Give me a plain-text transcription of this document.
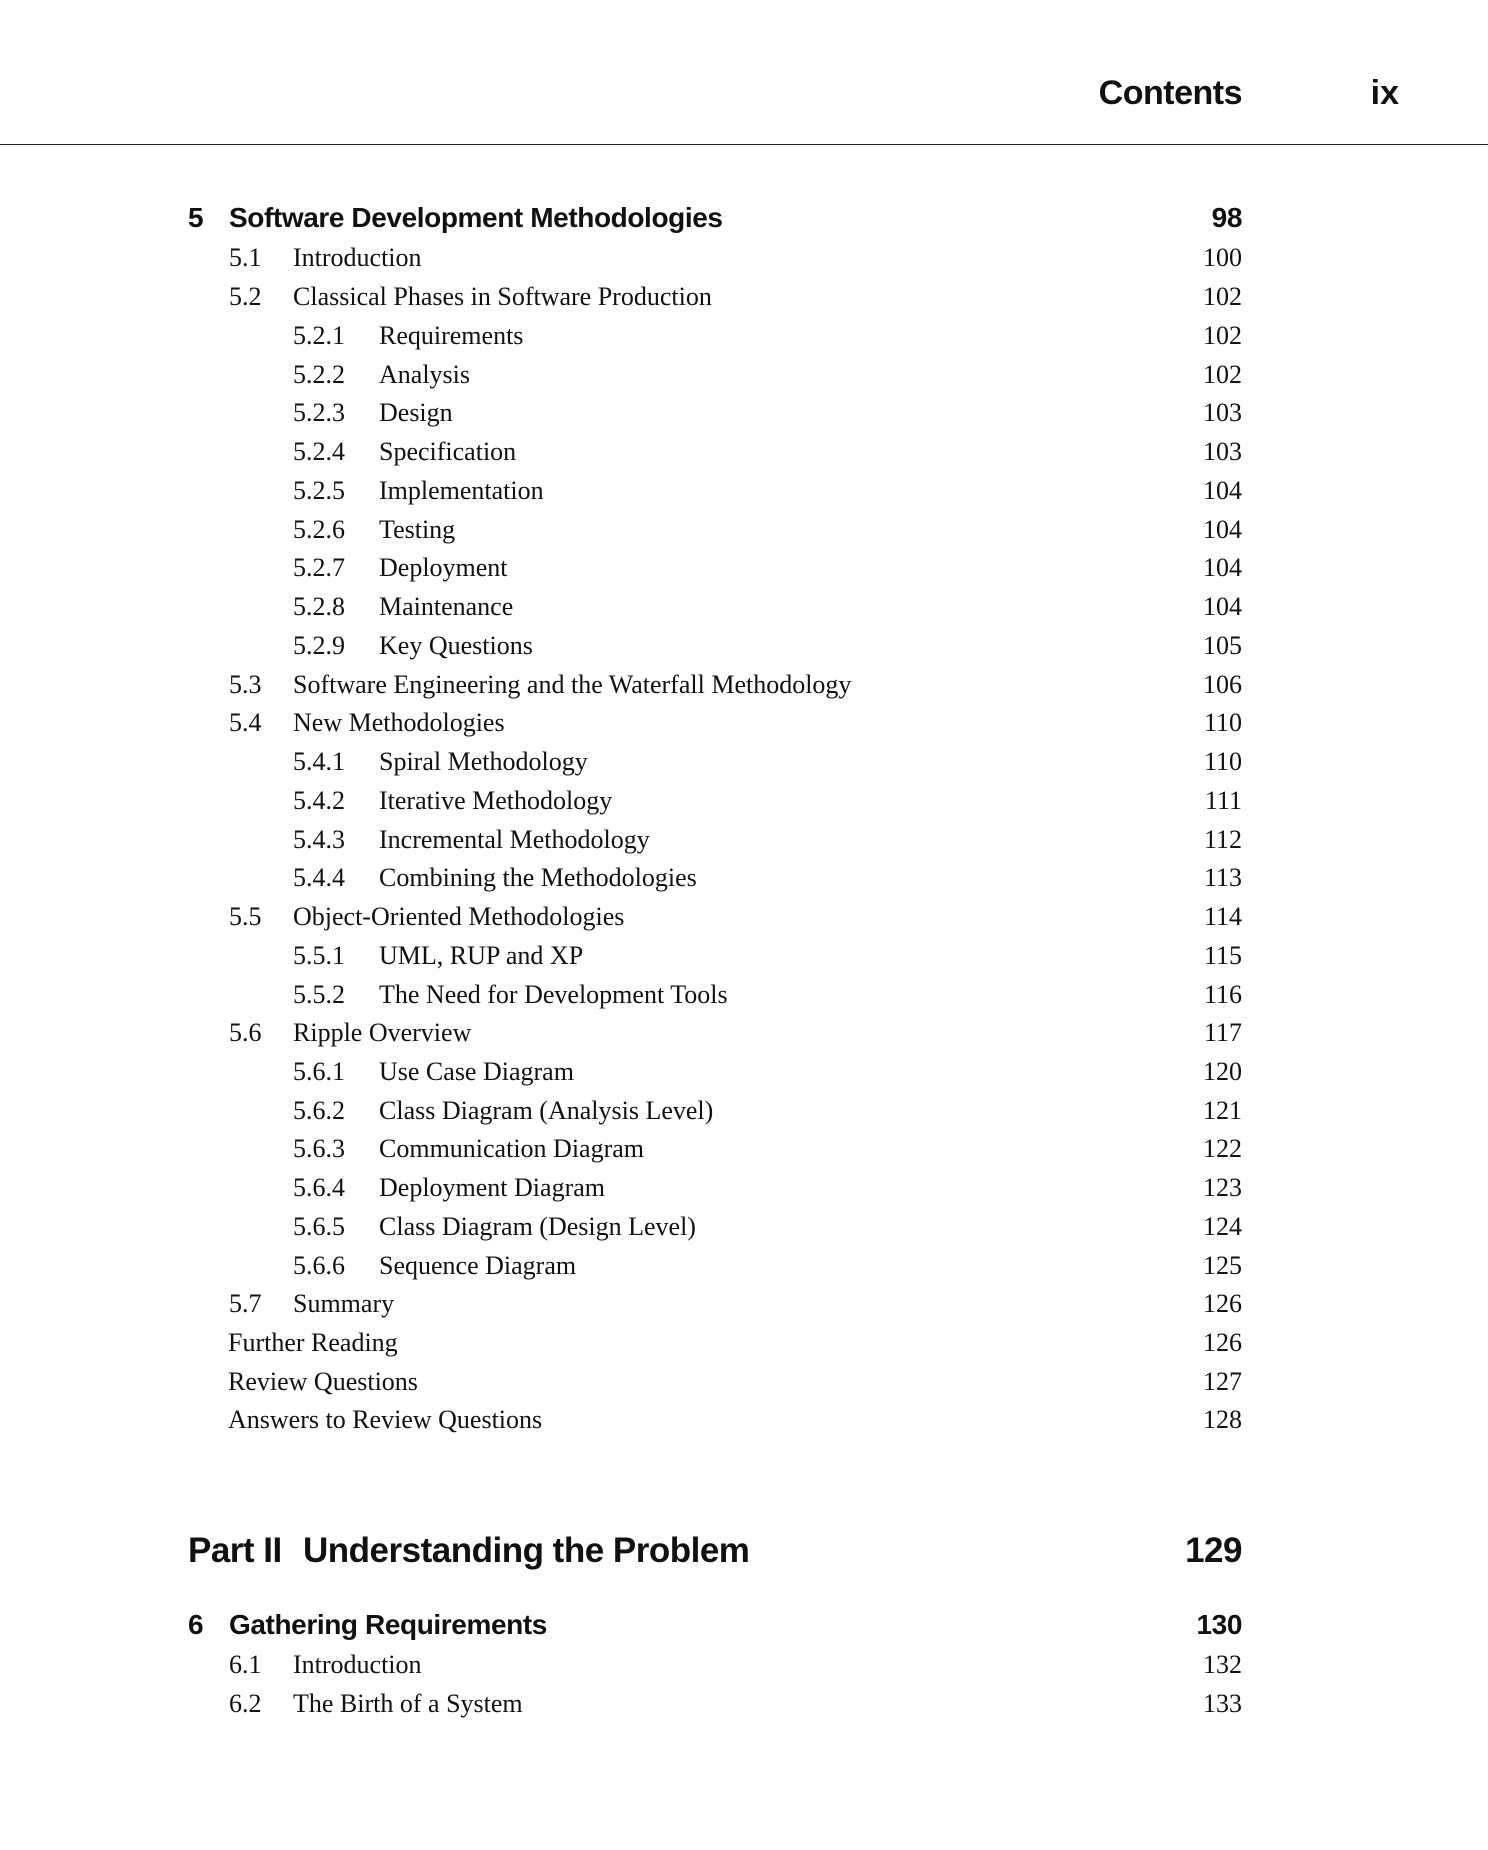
Contents	ix
5 Software Development Methodologies	98
5.1 Introduction	100
5.2 Classical Phases in Software Production	102
5.2.1 Requirements	102
5.2.2 Analysis	102
5.2.3 Design	103
5.2.4 Specification	103
5.2.5 Implementation	104
5.2.6 Testing	104
5.2.7 Deployment	104
5.2.8 Maintenance	104
5.2.9 Key Questions	105
5.3 Software Engineering and the Waterfall Methodology	106
5.4 New Methodologies	110
5.4.1 Spiral Methodology	110
5.4.2 Iterative Methodology	111
5.4.3 Incremental Methodology	112
5.4.4 Combining the Methodologies	113
5.5 Object-Oriented Methodologies	114
5.5.1 UML, RUP and XP	115
5.5.2 The Need for Development Tools	116
5.6 Ripple Overview	117
5.6.1 Use Case Diagram	120
5.6.2 Class Diagram (Analysis Level)	121
5.6.3 Communication Diagram	122
5.6.4 Deployment Diagram	123
5.6.5 Class Diagram (Design Level)	124
5.6.6 Sequence Diagram	125
5.7 Summary	126
Further Reading	126
Review Questions	127
Answers to Review Questions	128
Part II Understanding the Problem	129
6 Gathering Requirements	130
6.1 Introduction	132
6.2 The Birth of a System	133
